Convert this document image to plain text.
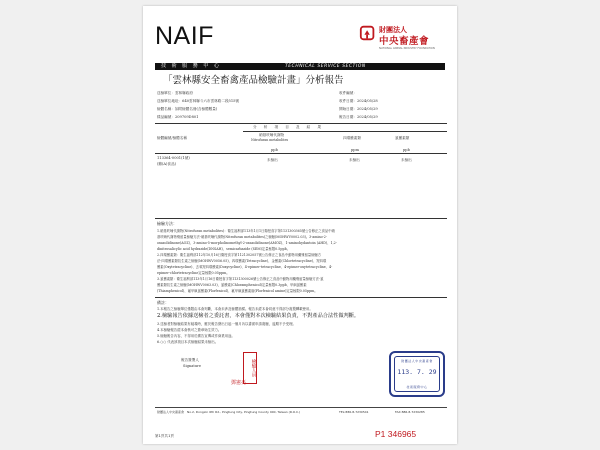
NAIF	財團法人
中央畜產會
NATIONAL ANIMAL INDUSTRY FOUNDATION
技 術 服 務 中 心	TECHNICAL SERVICE SECTION
「雲林縣安全畜禽產品檢驗計畫」分析報告
送檢單位：雲林縣政府
送檢單位地址：640雲林縣斗六市雲林路二段515號
檢體名稱：如附檢體名冊(含檢體數量)
樣品編號：209709D801
收件編號：
收件日期：2024/05/28
開始日期：2024/05/29
報告日期：2024/05/29
分 析 項 目 及 結 果
檢體編號/檢體名稱
硝基呋喃代謝物
Nitrofuran metabolites	四環黴素類	氯黴素類
ppb	ppm	ppb
113364-0001(1號)
(雞(A)食品)
未檢出	未檢出	未檢出
檢驗方法：
1.硝基呋喃代謝物(Nitrofuran metabolites)：衛生福利部113年1月1日衛授食字第1131300365號公告修正之食品中硝
基呋喃代謝物殘留量檢驗方法-硝基呋喃代謝物(Nitrofuran metabolites)之檢驗(MOHWV0002.03)。3-amino-2-
oxazolidinone(AOZ)、3-amino-5-morpholinomethyl-2-oxazolidinone(AMOZ)、1-aminohydantoin (AHD)、1,2-
dinitrosalicylic acid hydrazide(DNSAH)、semicarbazide (SEM)定量極限0.5ppb。
2.四環黴素類：衛生福利部112年10月16日衛授食字第1121302057號公告修正之食品中動物用藥殘留量檢驗方
法-四環黴素類抗生素之檢驗(MOHWV0056.05)，四環黴素(Tetracycline)、金黴素(Chlortetracycline)、羥四環
黴素(Oxytetracycline)、去氧羥四環黴素(Doxycycline)、4-epimer-tetracycline、4-epimer-oxytetracycline、4-
epimer-chlortetracycline定量極限0.05ppm。
3.氯黴素類：衛生福利部113年1月16日衛授食字第1131300026號公告修正之食品中動物用藥殘留量檢驗方法-氯
黴素類抗生素之檢驗(MOHWV0063.03)，氯黴素(Chloramphenicol)定量極限0.3ppb、甲砜氯黴素
(Thiamphenicol)、氟甲砜氯黴素(Florfenicol)、氟甲砜氯黴素胺(Florfenicol amine)定量極限0.05ppm。
備註：
1.本報告之檢驗單位僅限由本會判斷，本會未涉及檢體抽樣。報告未經本會同意不得部分複製轉載使用。
2.檢驗報告依據送檢者之委託書，本會僅對本次檢驗結果負責，不對產品合法性做判斷。
3.送檢者對檢驗結果有疑義時，應於報告發出日起一個月內以書面申請複驗，逾期不予受理。
4.本檢驗報告經本會核可之簽章始生效力。
5.檢驗報告內容，不得用於廣告宣傳或作商業用途。
6.○○ 代表該項目本次檢驗結果未檢出。
報告簽署人
Signature	檢驗人員
鄧憲亮
財團法人中央畜產會
113. 7. 29
技術服務中心
財團法人中央畜產會　No.2, Dongxin 6th Rd., Pingtung City, Pingtung County 900, Taiwan (R.O.C.)	TEL:886-8-7230541	FAX:886-8-7230285
第1頁共1頁	P1 346965
